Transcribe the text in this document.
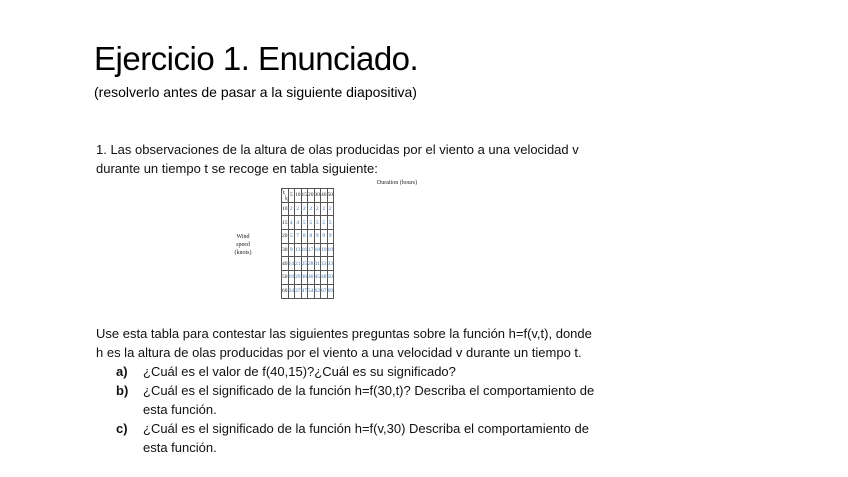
Ejercicio 1. Enunciado.
(resolverlo antes de pasar a la siguiente diapositiva)
1. Las observaciones de la altura de olas producidas por el viento a una velocidad v
durante un tiempo t se recoge en tabla siguiente:
Duration (hours)
Wind
speed
(knots)
t
v	5	10	15	20	30	40	50
10	2	2	2	2	2	2	2
15	4	4	5	5	5	5	5
20	5	7	8	8	9	9	9
30	9	13	16	17	18	19	19
40	14	21	25	28	31	33	33
50	19	29	36	40	45	48	50
60	24	37	47	54	62	67	69

Use esta tabla para contestar las siguientes preguntas sobre la función h=f(v,t), donde

h es la altura de olas producidas por el viento a una velocidad v durante un tiempo t.

a)	¿Cuál es el valor de f(40,15)?¿Cuál es su significado?
b)	¿Cuál es el significado de la función h=f(30,t)? Describa el comportamiento de
esta función.
c)	¿Cuál es el significado de la función h=f(v,30) Describa el comportamiento de
esta función.
